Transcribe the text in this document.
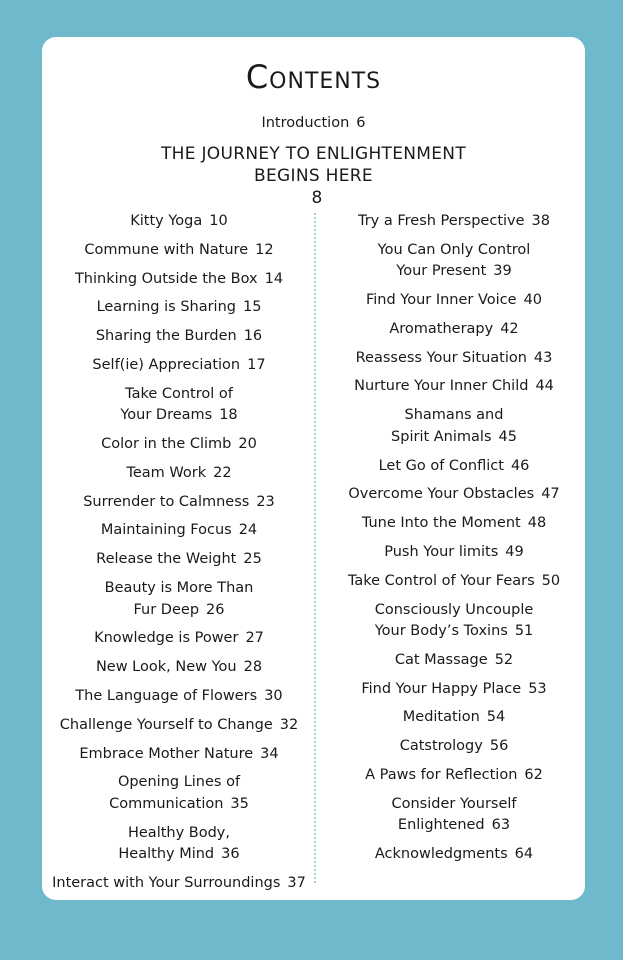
Contents
Introduction 6
THE JOURNEY TO ENLIGHTENMENT
BEGINS HERE
8
Kitty Yoga 10
Commune with Nature 12
Thinking Outside the Box 14
Learning is Sharing 15
Sharing the Burden 16
Self(ie) Appreciation 17
Take Control of
Your Dreams 18
Color in the Climb 20
Team Work 22
Surrender to Calmness 23
Maintaining Focus 24
Release the Weight 25
Beauty is More Than
Fur Deep 26
Knowledge is Power 27
New Look, New You 28
The Language of Flowers 30
Challenge Yourself to Change 32
Embrace Mother Nature 34
Opening Lines of Communication 35
Healthy Body,
Healthy Mind 36
Interact with Your Surroundings 37
Try a Fresh Perspective 38
You Can Only Control
Your Present 39
Find Your Inner Voice 40
Aromatherapy 42
Reassess Your Situation 43
Nurture Your Inner Child 44
Shamans and
Spirit Animals 45
Let Go of Conflict 46
Overcome Your Obstacles 47
Tune Into the Moment 48
Push Your limits 49
Take Control of Your Fears 50
Consciously Uncouple
Your Body’s Toxins 51
Cat Massage 52
Find Your Happy Place 53
Meditation 54
Catstrology 56
A Paws for Reflection 62
Consider Yourself
Enlightened 63
Acknowledgments 64
